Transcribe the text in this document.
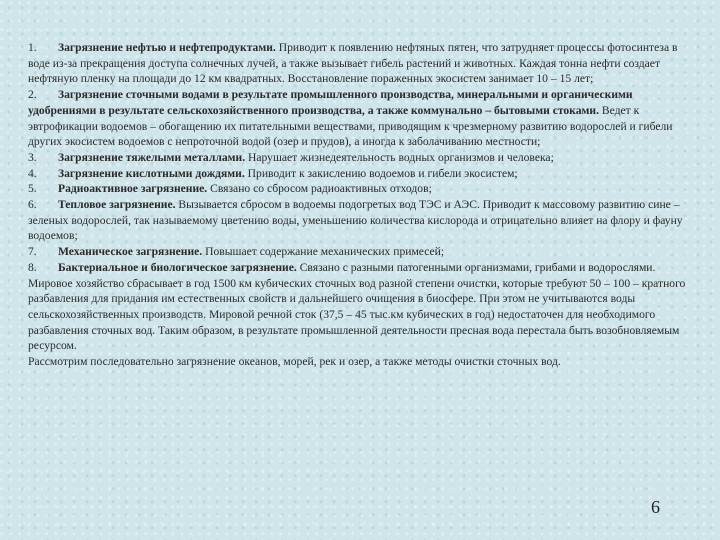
1. Загрязнение нефтью и нефтепродуктами. Приводит к появлению нефтяных пятен, что затрудняет процессы фотосинтеза в воде из-за прекращения доступа солнечных лучей, а также вызывает гибель растений и животных. Каждая тонна нефти создает нефтяную пленку на площади до 12 км квадратных. Восстановление пораженных экосистем занимает 10 – 15 лет;

2. Загрязнение сточными водами в результате промышленного производства, минеральными и органическими удобрениями в результате сельскохозяйственного производства, а также коммунально – бытовыми стоками. Ведет к эвтрофикации водоемов – обогащению их питательными веществами, приводящим к чрезмерному развитию водорослей и гибели других экосистем водоемов с непроточной водой (озер и прудов), а иногда к заболачиванию местности;

3. Загрязнение тяжелыми металлами. Нарушает жизнедеятельность водных организмов и человека;

4. Загрязнение кислотными дождями. Приводит к закислению водоемов и гибели экосистем;

5. Радиоактивное загрязнение. Связано со сбросом радиоактивных отходов;

6. Тепловое загрязнение. Вызывается сбросом в водоемы подогретых вод ТЭС и АЭС. Приводит к массовому развитию сине – зеленых водорослей, так называемому цветению воды, уменьшению количества кислорода и отрицательно влияет на флору и фауну водоемов;

7. Механическое загрязнение. Повышает содержание механических примесей;

8. Бактериальное и биологическое загрязнение. Связано с разными патогенными организмами, грибами и водорослями.

Мировое хозяйство сбрасывает в год 1500 км кубических сточных вод разной степени очистки, которые требуют 50 – 100 – кратного разбавления для придания им естественных свойств и дальнейшего очищения в биосфере. При этом не учитываются воды сельскохозяйственных производств. Мировой речной сток (37,5 – 45 тыс.км кубических в год) недостаточен для необходимого разбавления сточных вод. Таким образом, в результате промышленной деятельности пресная вода перестала быть возобновляемым ресурсом.

Рассмотрим последовательно загрязнение океанов, морей, рек и озер, а также методы очистки сточных вод.

6
